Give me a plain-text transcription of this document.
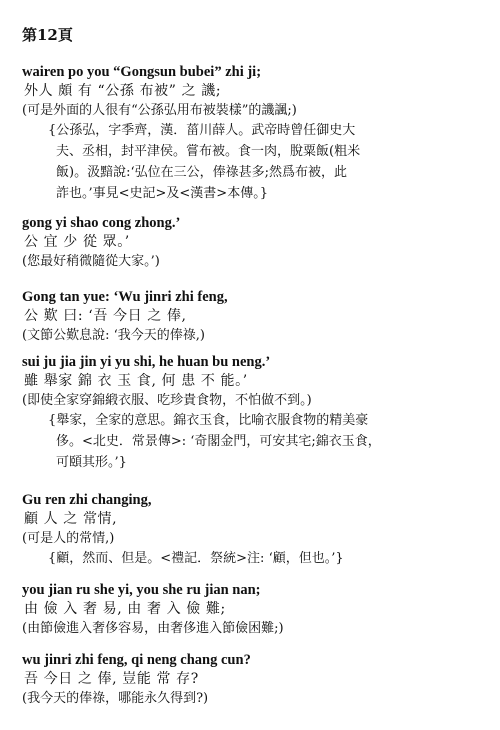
第12頁
wairen po you “Gongsun bubei” zhi ji;
外人 頗 有 “公孫 布被” 之 譏;
(可是外面的人很有“公孫弘用布被裝樣”的譏諷;)
{公孫弘，字季齊，漢．菑川薛人。武帝時曾任御史大
夫、丞相，封平津侯。嘗布被。食一肉，脫粟飯(粗米
飯)。汲黯說:‘弘位在三公，俸祿甚多;然爲布被，此
詐也。’事見<史記>及<漢書>本傳。}
gong yi shao cong zhong.’
公 宜 少 從 眾。’
(您最好稍微隨從大家。’)
Gong tan yue: ‘Wu jinri zhi feng,
公 歎 曰: ‘吾 今日 之 俸,
(文節公歎息說: ‘我今天的俸祿,)
sui ju jia jin yi yu shi, he huan bu neng.’
雖 舉家 錦 衣 玉 食, 何 患 不 能。’
(即使全家穿錦緞衣服、吃珍貴食物，不怕做不到。)
{舉家，全家的意思。錦衣玉食，比喻衣服食物的精美豪
侈。<北史．常景傳>: ‘奇閣金門，可安其宅;錦衣玉食，
可頤其形。’}
Gu ren zhi changing,
顧 人 之 常情,
(可是人的常情,)
{顧，然而、但是。<禮記．祭統>注: ‘顧，但也。’}
you jian ru she yi, you she ru jian nan;
由 儉 入 奢 易, 由 奢 入 儉 難;
(由節儉進入奢侈容易，由奢侈進入節儉困難;)
wu jinri zhi feng, qi neng chang cun?
吾 今日 之 俸, 豈能 常 存?
(我今天的俸祿，哪能永久得到?)
